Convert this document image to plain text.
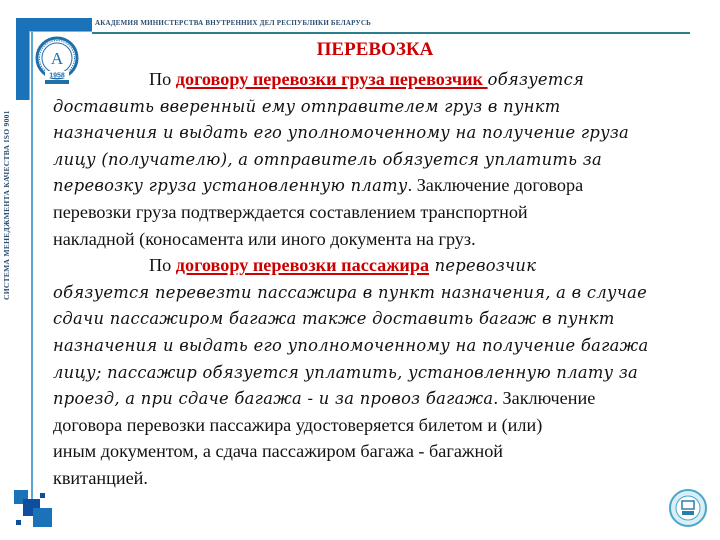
АКАДЕМИЯ МИНИСТЕРСТВА ВНУТРЕННИХ ДЕЛ РЕСПУБЛИКИ БЕЛАРУСЬ
СИСТЕМА МЕНЕДЖМЕНТА КАЧЕСТВА ISO 9001
А
1958
ПЕРЕВОЗКА
По договору перевозки груза перевозчик обязуется
доставить вверенный ему отправителем груз в пункт
назначения и выдать его уполномоченному на получение груза
лицу (получателю), а отправитель обязуется уплатить за
перевозку груза установленную плату. Заключение договора
перевозки груза подтверждается составлением транспортной
накладной (коносамента или иного документа на груз.
По договору перевозки пассажира перевозчик
обязуется перевезти пассажира в пункт назначения, а в случае
сдачи пассажиром багажа также доставить багаж в пункт
назначения и выдать его уполномоченному на получение багажа
лицу; пассажир обязуется уплатить, установленную плату за
проезд, а при сдаче багажа - и за провоз багажа. Заключение
договора перевозки пассажира удостоверяется билетом и (или)
иным документом, а сдача пассажиром багажа - багажной
квитанцией.
